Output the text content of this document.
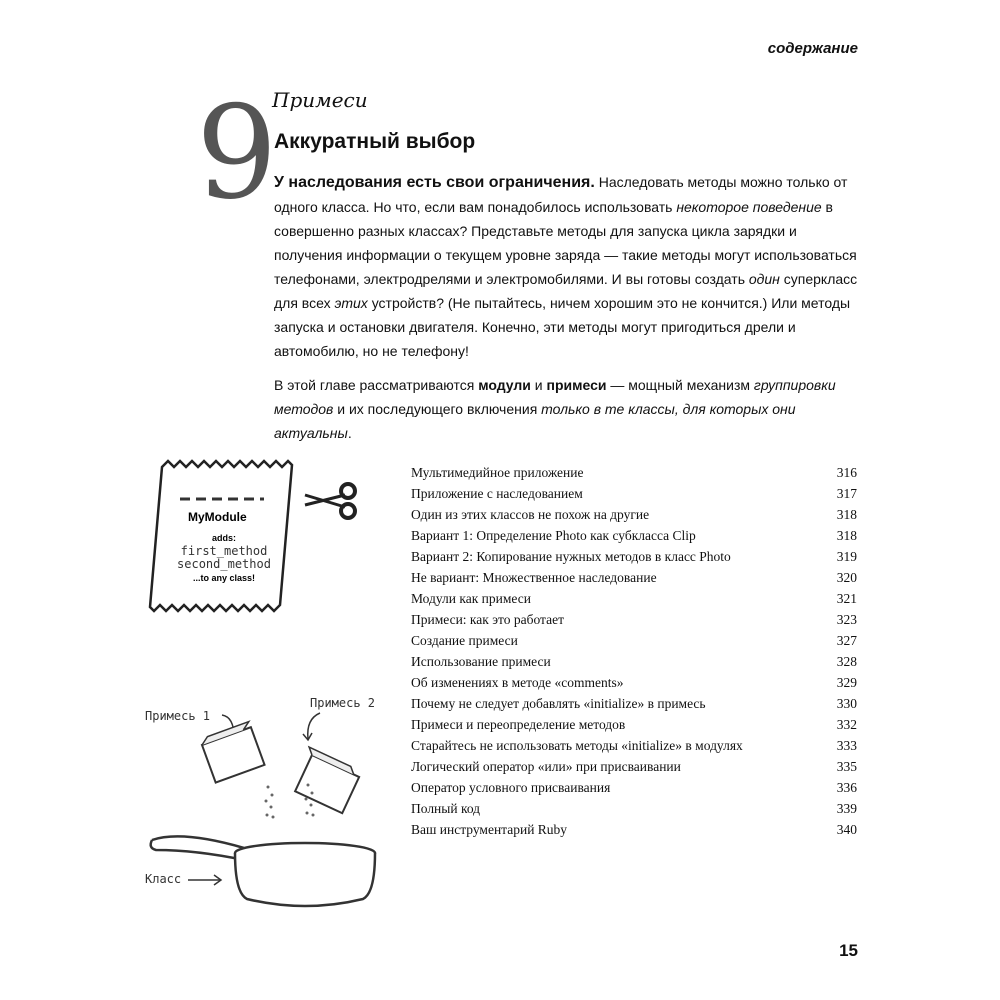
содержание
9
Примеси
Аккуратный выбор

У наследования есть свои ограничения. Наследовать методы можно только от одного класса. Но что, если вам понадобилось использовать некоторое поведение в совершенно разных классах? Представьте методы для запуска цикла зарядки и получения информации о текущем уровне заряда — такие методы могут использоваться телефонами, электродрелями и электромобилями. И вы готовы создать один суперкласс для всех этих устройств? (Не пытайтесь, ничем хорошим это не кончится.) Или методы запуска и остановки двигателя. Конечно, эти методы могут пригодиться дрели и автомобилю, но не телефону!

В этой главе рассматриваются модули и примеси — мощный механизм группировки методов и их последующего включения только в те классы, для которых они актуальны.

MyModule
adds:
first_method
second_method
...to any class!
Примесь 1
Примесь 2
Класс
Мультимедийное приложение	316
Приложение с наследованием	317
Один из этих классов не похож на другие	318
Вариант 1: Определение Photo как субкласса Clip	318
Вариант 2: Копирование нужных методов в класс Photo	319
Не вариант: Множественное наследование	320
Модули как примеси	321
Примеси: как это работает	323
Создание примеси	327
Использование примеси	328
Об изменениях в методе «comments»	329
Почему не следует добавлять «initialize» в примесь	330
Примеси и переопределение методов	332
Старайтесь не использовать методы «initialize» в модулях	333
Логический оператор «или» при присваивании	335
Оператор условного присваивания	336
Полный код	339
Ваш инструментарий Ruby	340
15
